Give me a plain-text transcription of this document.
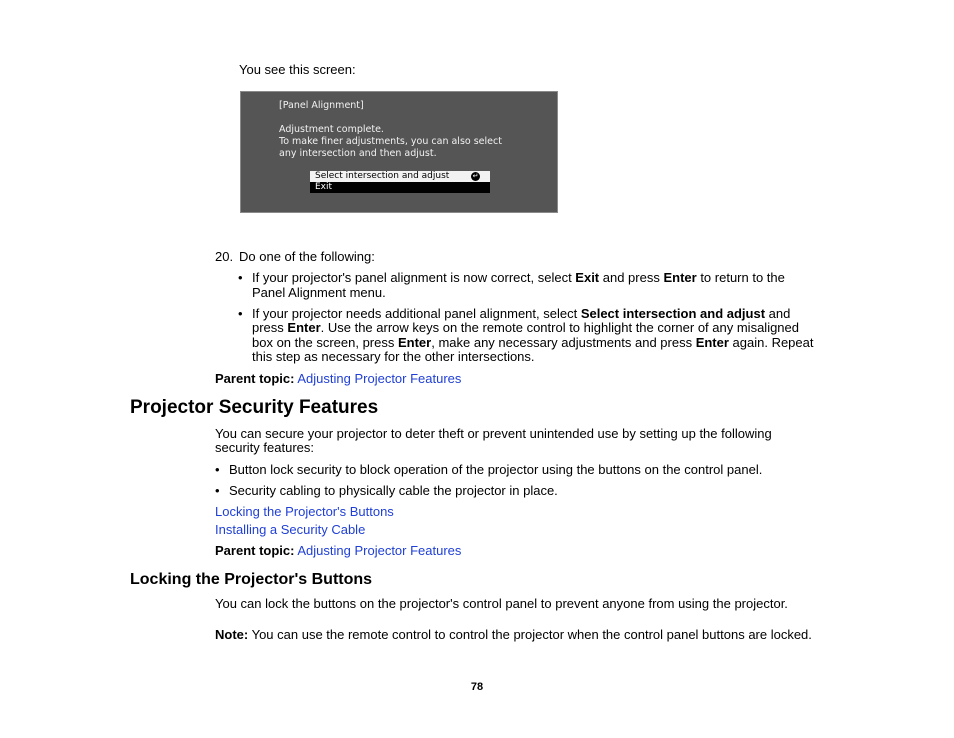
You see this screen:
[Panel Alignment]
Adjustment complete.
To make finer adjustments, you can also select
any intersection and then adjust.
Select intersection and adjust	↵
Exit
20. Do one of the following:
• If your projector's panel alignment is now correct, select Exit and press Enter to return to the
Panel Alignment menu.
• If your projector needs additional panel alignment, select Select intersection and adjust and
press Enter. Use the arrow keys on the remote control to highlight the corner of any misaligned
box on the screen, press Enter, make any necessary adjustments and press Enter again. Repeat
this step as necessary for the other intersections.
Parent topic: Adjusting Projector Features
Projector Security Features
You can secure your projector to deter theft or prevent unintended use by setting up the following
security features:
• Button lock security to block operation of the projector using the buttons on the control panel.
• Security cabling to physically cable the projector in place.
Locking the Projector's Buttons
Installing a Security Cable
Parent topic: Adjusting Projector Features
Locking the Projector's Buttons
You can lock the buttons on the projector's control panel to prevent anyone from using the projector.
Note: You can use the remote control to control the projector when the control panel buttons are locked.
78
